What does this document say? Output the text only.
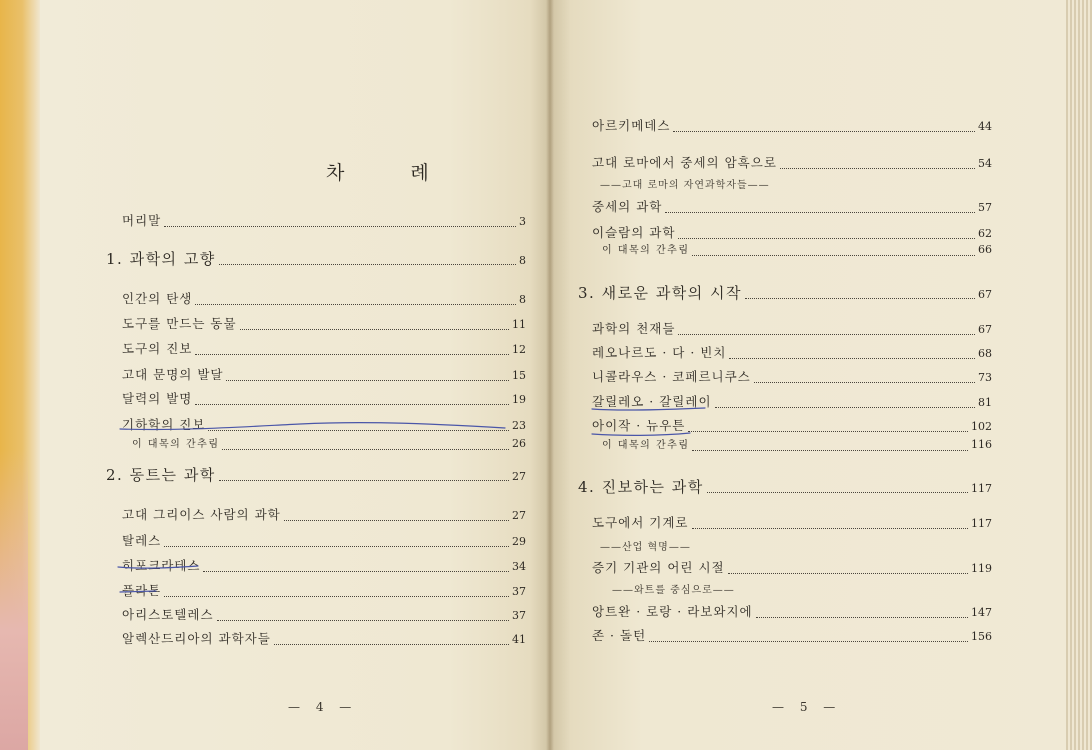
차 례
머리말	3
1. 과학의 고향	8
인간의 탄생	8
도구를 만드는 동물	11
도구의 진보	12
고대 문명의 발달	15
달력의 발명	19
기하학의 진보	23
이 대목의 간추림	26
2. 동트는 과학	27
고대 그리이스 사람의 과학	27
탈레스	29
히포크라테스	34
플라톤	37
아리스토텔레스	37
알렉산드리아의 과학자들	41
— 4 —
아르키메데스	44
고대 로마에서 중세의 암흑으로	54
——고대 로마의 자연과학자들——
중세의 과학	57
이슬람의 과학	62
이 대목의 간추림	66
3. 새로운 과학의 시작	67
과학의 천재들	67
레오나르도 · 다 · 빈치	68
니콜라우스 · 코페르니쿠스	73
갈릴레오 · 갈릴레이	81
아이작 · 뉴우튼	102
이 대목의 간추림	116
4. 진보하는 과학	117
도구에서 기계로	117
——산업 혁명——
증기 기관의 어린 시절	119
——와트를 중심으로——
앙트완 · 로랑 · 라보와지에	147
존 · 돌턴	156
— 5 —
